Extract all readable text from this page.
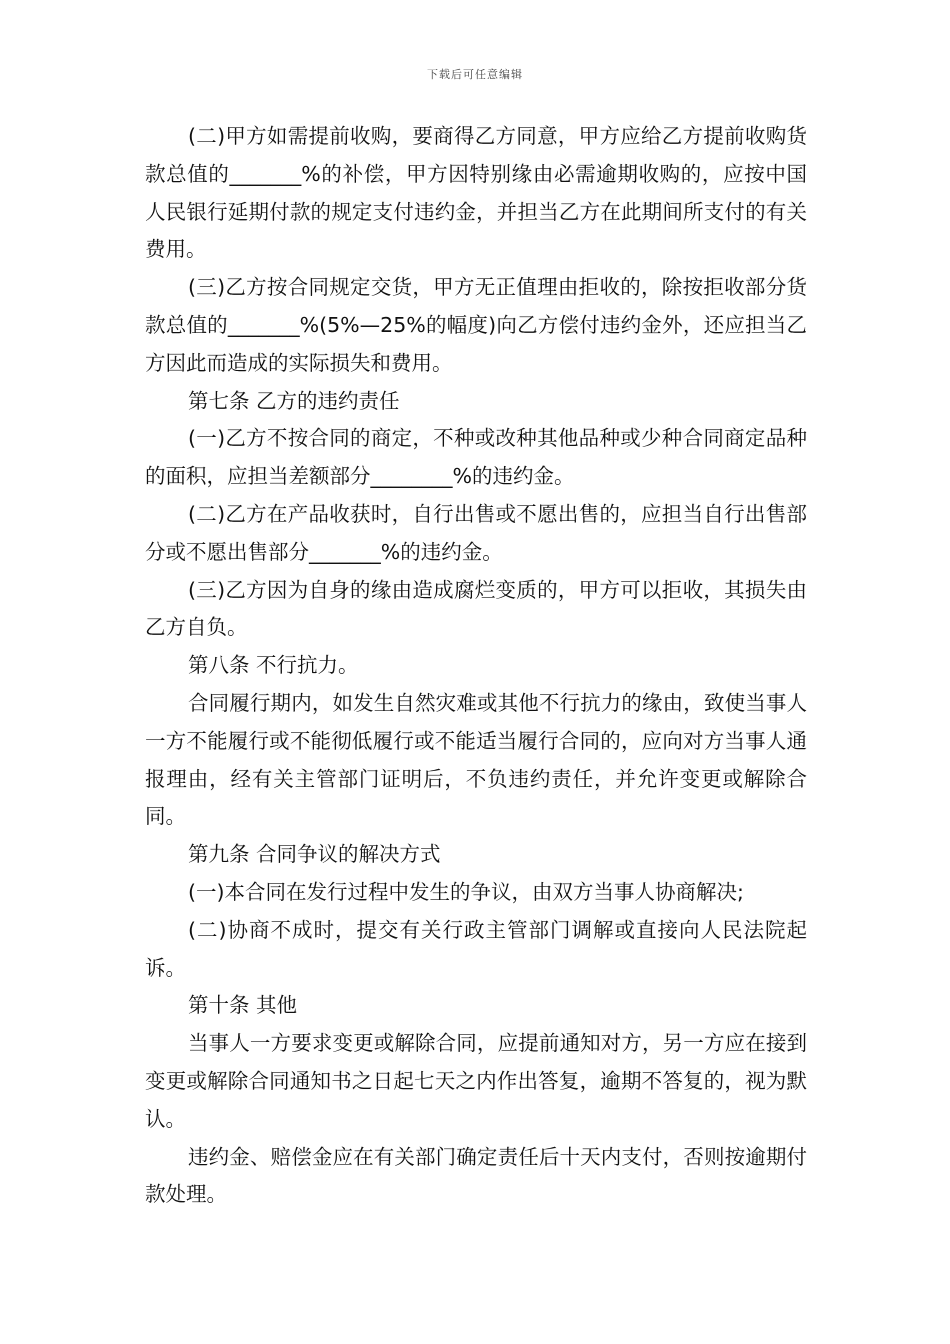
下载后可任意编辑

(二)甲方如需提前收购，要商得乙方同意，甲方应给乙方提前收购货款总值的_______%的补偿，甲方因特别缘由必需逾期收购的，应按中国人民银行延期付款的规定支付违约金，并担当乙方在此期间所支付的有关费用。

(三)乙方按合同规定交货，甲方无正值理由拒收的，除按拒收部分货款总值的_______%(5%—25%的幅度)向乙方偿付违约金外，还应担当乙方因此而造成的实际损失和费用。

第七条 乙方的违约责任

(一)乙方不按合同的商定，不种或改种其他品种或少种合同商定品种的面积，应担当差额部分________%的违约金。

(二)乙方在产品收获时，自行出售或不愿出售的，应担当自行出售部分或不愿出售部分_______%的违约金。

(三)乙方因为自身的缘由造成腐烂变质的，甲方可以拒收，其损失由乙方自负。

第八条 不行抗力。

合同履行期内，如发生自然灾难或其他不行抗力的缘由，致使当事人一方不能履行或不能彻低履行或不能适当履行合同的，应向对方当事人通报理由，经有关主管部门证明后，不负违约责任，并允许变更或解除合同。

第九条 合同争议的解决方式

(一)本合同在发行过程中发生的争议，由双方当事人协商解决;

(二)协商不成时，提交有关行政主管部门调解或直接向人民法院起诉。

第十条 其他

当事人一方要求变更或解除合同，应提前通知对方，另一方应在接到变更或解除合同通知书之日起七天之内作出答复，逾期不答复的，视为默认。

违约金、赔偿金应在有关部门确定责任后十天内支付，否则按逾期付款处理。
